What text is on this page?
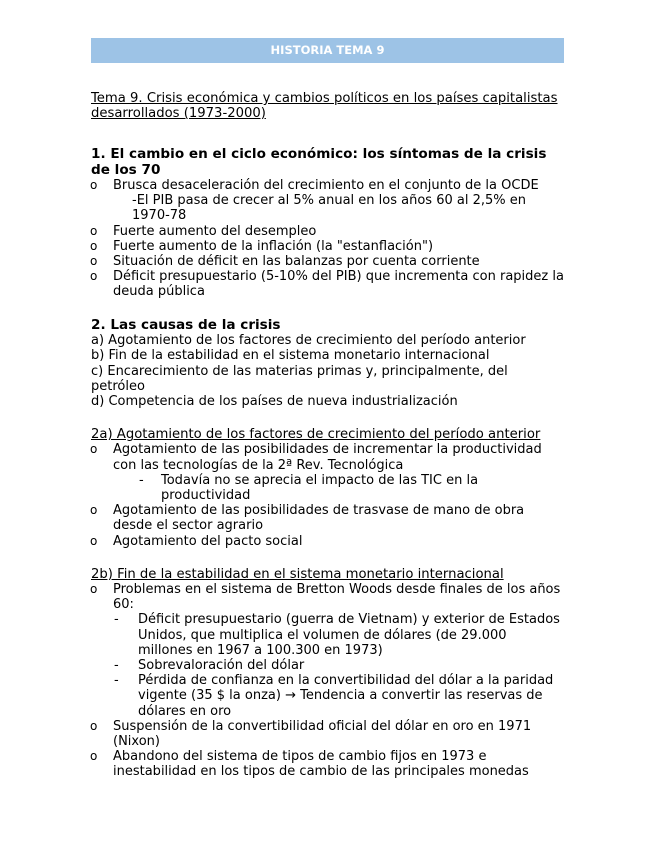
HISTORIA TEMA 9
Tema 9. Crisis económica y cambios políticos en los países capitalistas desarrollados (1973-2000)
1. El cambio en el ciclo económico: los síntomas de la crisis de los 70
o Brusca desaceleración del crecimiento en el conjunto de la OCDE
-El PIB pasa de crecer al 5% anual en los años 60 al 2,5% en 1970-78
o Fuerte aumento del desempleo
o Fuerte aumento de la inflación (la "estanflación")
o Situación de déficit en las balanzas por cuenta corriente
o Déficit presupuestario (5-10% del PIB) que incrementa con rapidez la deuda pública
2. Las causas de la crisis
a) Agotamiento de los factores de crecimiento del período anterior
b) Fin de la estabilidad en el sistema monetario internacional
c) Encarecimiento de las materias primas y, principalmente, del petróleo
d) Competencia de los países de nueva industrialización
2a) Agotamiento de los factores de crecimiento del período anterior
o Agotamiento de las posibilidades de incrementar la productividad con las tecnologías de la 2ª Rev. Tecnológica
- Todavía no se aprecia el impacto de las TIC en la productividad
o Agotamiento de las posibilidades de trasvase de mano de obra desde el sector agrario
o Agotamiento del pacto social
2b) Fin de la estabilidad en el sistema monetario internacional
o Problemas en el sistema de Bretton Woods desde finales de los años 60:
- Déficit presupuestario (guerra de Vietnam) y exterior de Estados Unidos, que multiplica el volumen de dólares (de 29.000 millones en 1967 a 100.300 en 1973)
- Sobrevaloración del dólar
- Pérdida de confianza en la convertibilidad del dólar a la paridad vigente (35 $ la onza) → Tendencia a convertir las reservas de dólares en oro
o Suspensión de la convertibilidad oficial del dólar en oro en 1971 (Nixon)
o Abandono del sistema de tipos de cambio fijos en 1973 e inestabilidad en los tipos de cambio de las principales monedas
